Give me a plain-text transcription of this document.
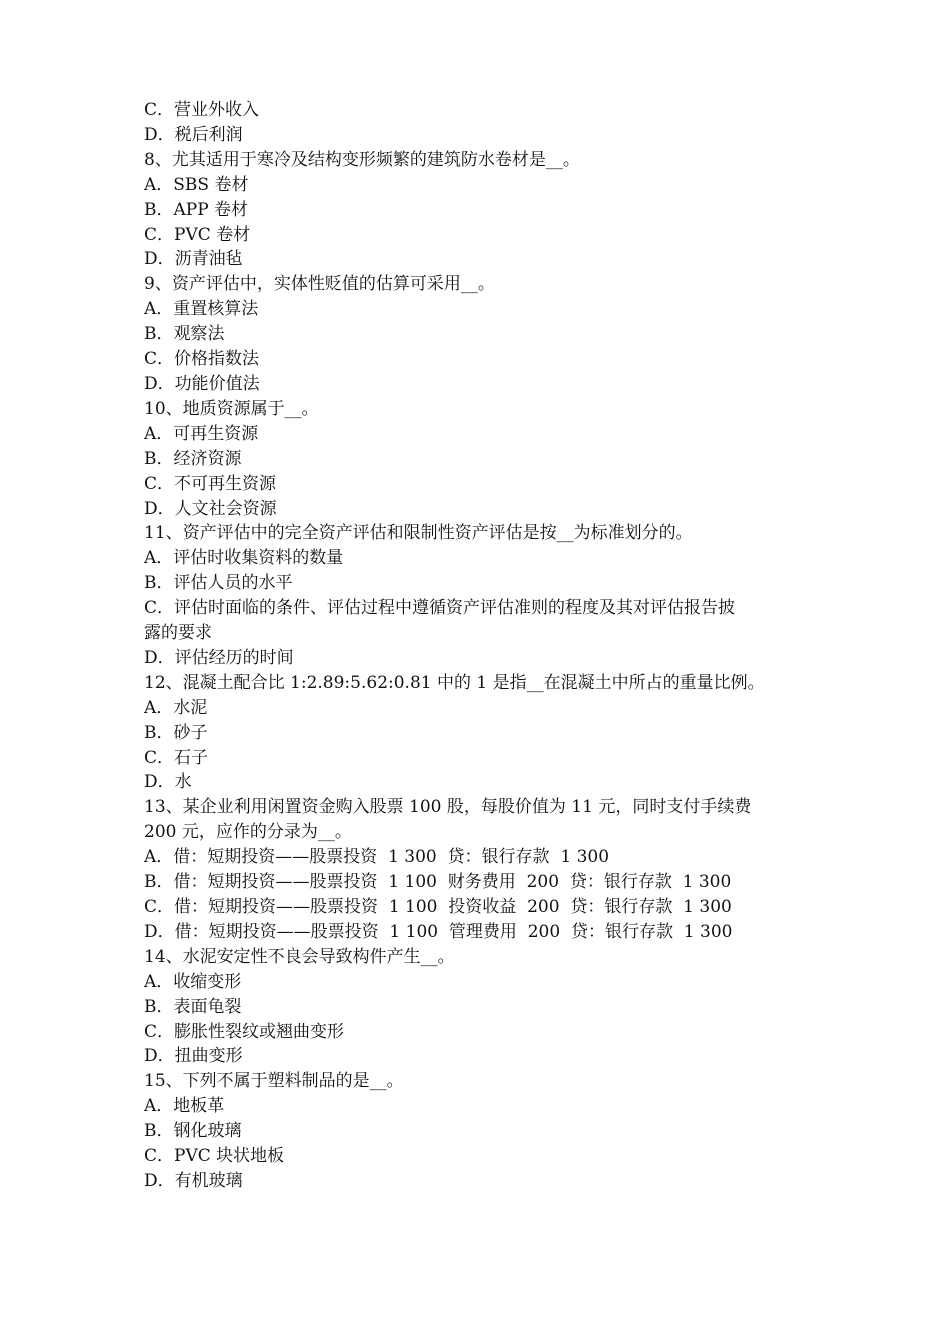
C．营业外收入
D．税后利润
8、尤其适用于寒冷及结构变形频繁的建筑防水卷材是__。
A．SBS 卷材
B．APP 卷材
C．PVC 卷材
D．沥青油毡
9、资产评估中，实体性贬值的估算可采用__。
A．重置核算法
B．观察法
C．价格指数法
D．功能价值法
10、地质资源属于__。
A．可再生资源
B．经济资源
C．不可再生资源
D．人文社会资源
11、资产评估中的完全资产评估和限制性资产评估是按__为标准划分的。
A．评估时收集资料的数量
B．评估人员的水平
C．评估时面临的条件、评估过程中遵循资产评估准则的程度及其对评估报告披
露的要求
D．评估经历的时间
12、混凝土配合比 1:2.89:5.62:0.81 中的 1 是指__在混凝土中所占的重量比例。
A．水泥
B．砂子
C．石子
D．水
13、某企业利用闲置资金购入股票 100 股，每股价值为 11 元，同时支付手续费
200 元，应作的分录为__。
A．借：短期投资——股票投资  1 300  贷：银行存款  1 300
B．借：短期投资——股票投资  1 100  财务费用  200  贷：银行存款  1 300
C．借：短期投资——股票投资  1 100  投资收益  200  贷：银行存款  1 300
D．借：短期投资——股票投资  1 100  管理费用  200  贷：银行存款  1 300
14、水泥安定性不良会导致构件产生__。
A．收缩变形
B．表面龟裂
C．膨胀性裂纹或翘曲变形
D．扭曲变形
15、下列不属于塑料制品的是__。
A．地板革
B．钢化玻璃
C．PVC 块状地板
D．有机玻璃
